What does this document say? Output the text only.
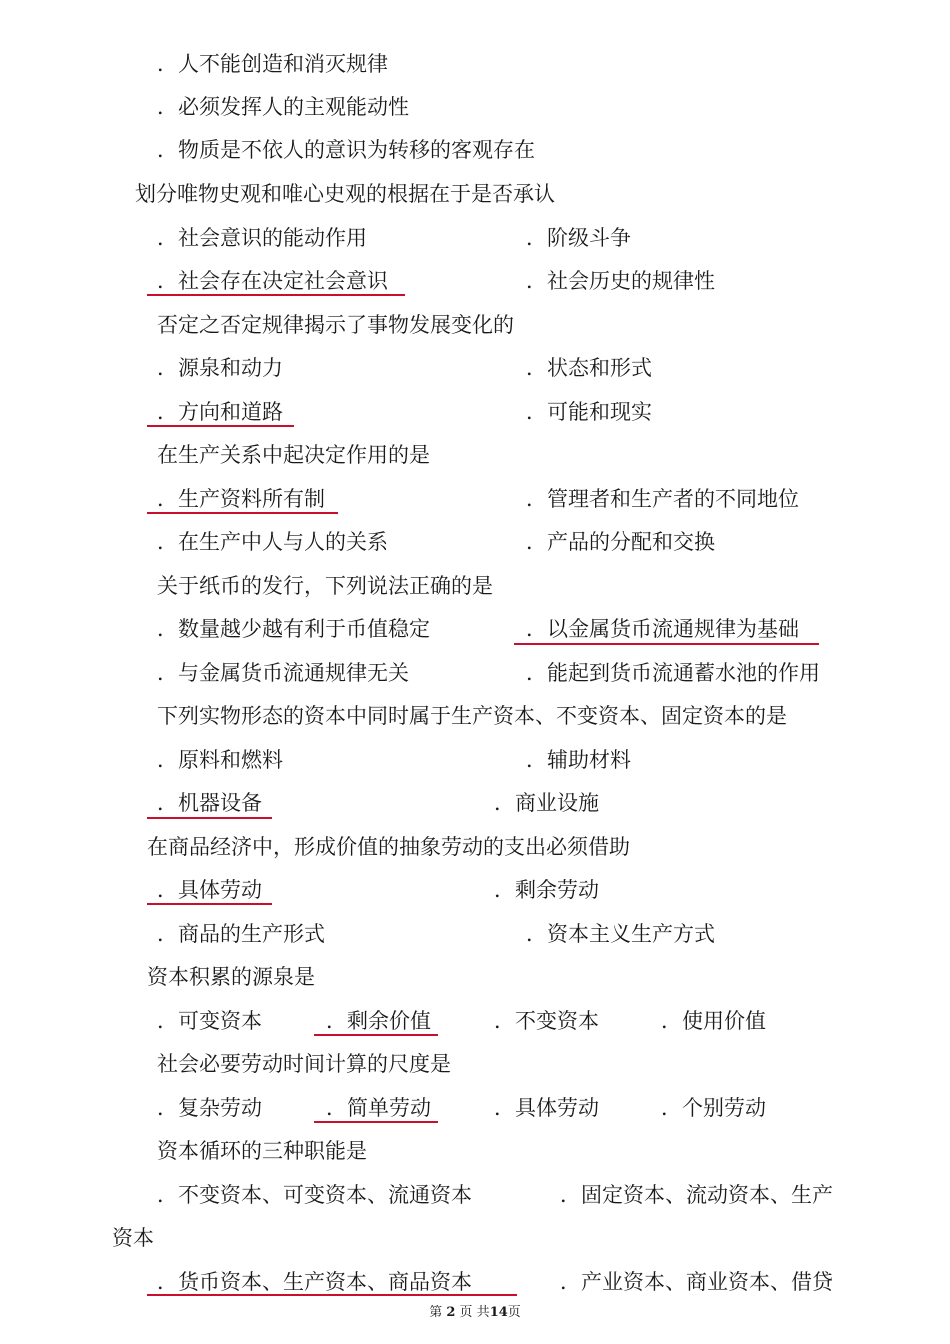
．人不能创造和消灭规律
．必须发挥人的主观能动性
．物质是不依人的意识为转移的客观存在
划分唯物史观和唯心史观的根据在于是否承认
．社会意识的能动作用	．阶级斗争
．社会存在决定社会意识	．社会历史的规律性
否定之否定规律揭示了事物发展变化的
．源泉和动力	．状态和形式
．方向和道路	．可能和现实
在生产关系中起决定作用的是
．生产资料所有制	．管理者和生产者的不同地位
．在生产中人与人的关系	．产品的分配和交换
关于纸币的发行，下列说法正确的是
．数量越少越有利于币值稳定	．以金属货币流通规律为基础
．与金属货币流通规律无关	．能起到货币流通蓄水池的作用
下列实物形态的资本中同时属于生产资本、不变资本、固定资本的是
．原料和燃料	．辅助材料
．机器设备	．商业设施
在商品经济中，形成价值的抽象劳动的支出必须借助
．具体劳动	．剩余劳动
．商品的生产形式	．资本主义生产方式
资本积累的源泉是
．可变资本	．剩余价值	．不变资本	．使用价值
社会必要劳动时间计算的尺度是
．复杂劳动	．简单劳动	．具体劳动	．个别劳动
资本循环的三种职能是
．不变资本、可变资本、流通资本	．固定资本、流动资本、生产
资本
．货币资本、生产资本、商品资本	．产业资本、商业资本、借贷
第 2 页 共14页
